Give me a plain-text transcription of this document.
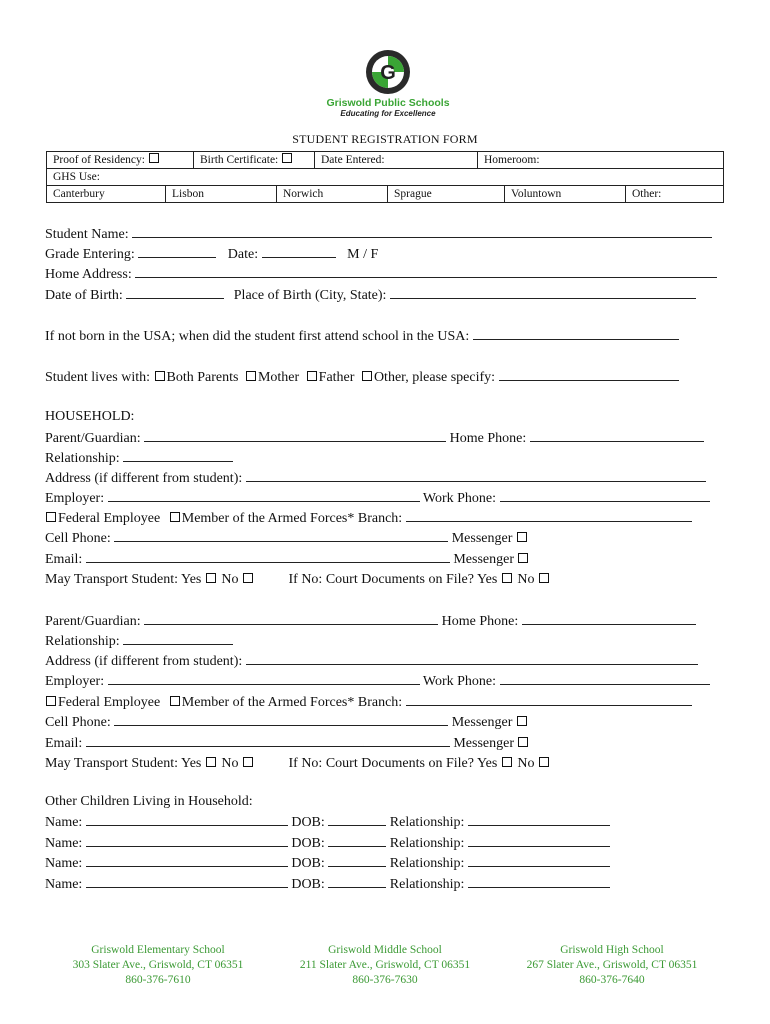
G
Griswold Public Schools
Educating for Excellence
STUDENT REGISTRATION FORM
Proof of Residency:	Birth Certificate:	Date Entered:	Homeroom:
GHS Use:
Canterbury	Lisbon	Norwich	Sprague	Voluntown	Other:
Student Name:
Grade Entering:	Date:	M / F
Home Address:
Date of Birth:	Place of Birth (City, State):
If not born in the USA; when did the student first attend school in the USA:
Student lives with: Both Parents Mother Father Other, please specify:
HOUSEHOLD:
Parent/Guardian:	Home Phone:
Relationship:
Address (if different from student):
Employer:	Work Phone:
Federal Employee Member of the Armed Forces* Branch:
Cell Phone:	Messenger
Email:	Messenger
May Transport Student: Yes No	If No: Court Documents on File? Yes No
Parent/Guardian:	Home Phone:
Relationship:
Address (if different from student):
Employer:	Work Phone:
Federal Employee Member of the Armed Forces* Branch:
Cell Phone:	Messenger
Email:	Messenger
May Transport Student: Yes No	If No: Court Documents on File? Yes No
Other Children Living in Household:
Name:	DOB:	Relationship:
Name:	DOB:	Relationship:
Name:	DOB:	Relationship:
Name:	DOB:	Relationship:
Griswold Elementary School
303 Slater Ave., Griswold, CT 06351
860-376-7610
Griswold Middle School
211 Slater Ave., Griswold, CT 06351
860-376-7630
Griswold High School
267 Slater Ave., Griswold, CT 06351
860-376-7640
